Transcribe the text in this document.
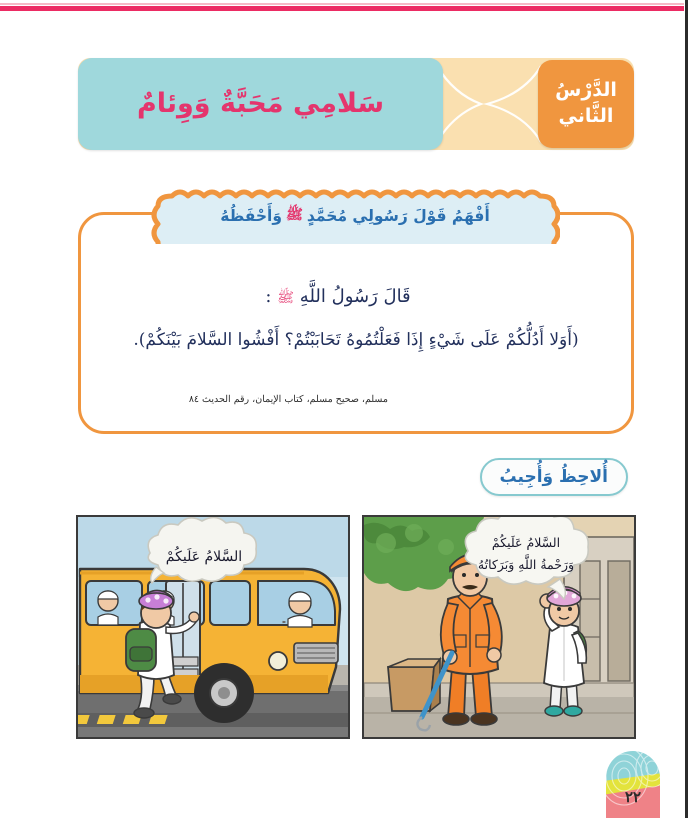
سَلامِي مَحَبَّةٌ وَوِئامٌ	الدَّرْسُ
الثَّاني
أَفْهَمُ قَوْلَ رَسُولِي مُحَمَّدٍ
ﷺ
وَأَحْفَظُهُ
قَالَ رَسُولُ اللَّهِ ﷺ :
(أَوَلا أَدُلُّكُمْ عَلَى شَيْءٍ إِذَا فَعَلْتُمُوهُ تَحَابَبْتُمْ؟ أَفْشُوا السَّلامَ بَيْنَكُمْ).
مسلم، صحيح مسلم، كتاب الإيمان، رقم الحديث ٨٤
أُلاحِظُ وَأُجِيبُ
السَّلامُ عَلَيكُمْ
السَّلامُ عَلَيكُمْ
وَرَحْمةُ اللَّهِ وَبَرَكاتُهُ
٢٢
